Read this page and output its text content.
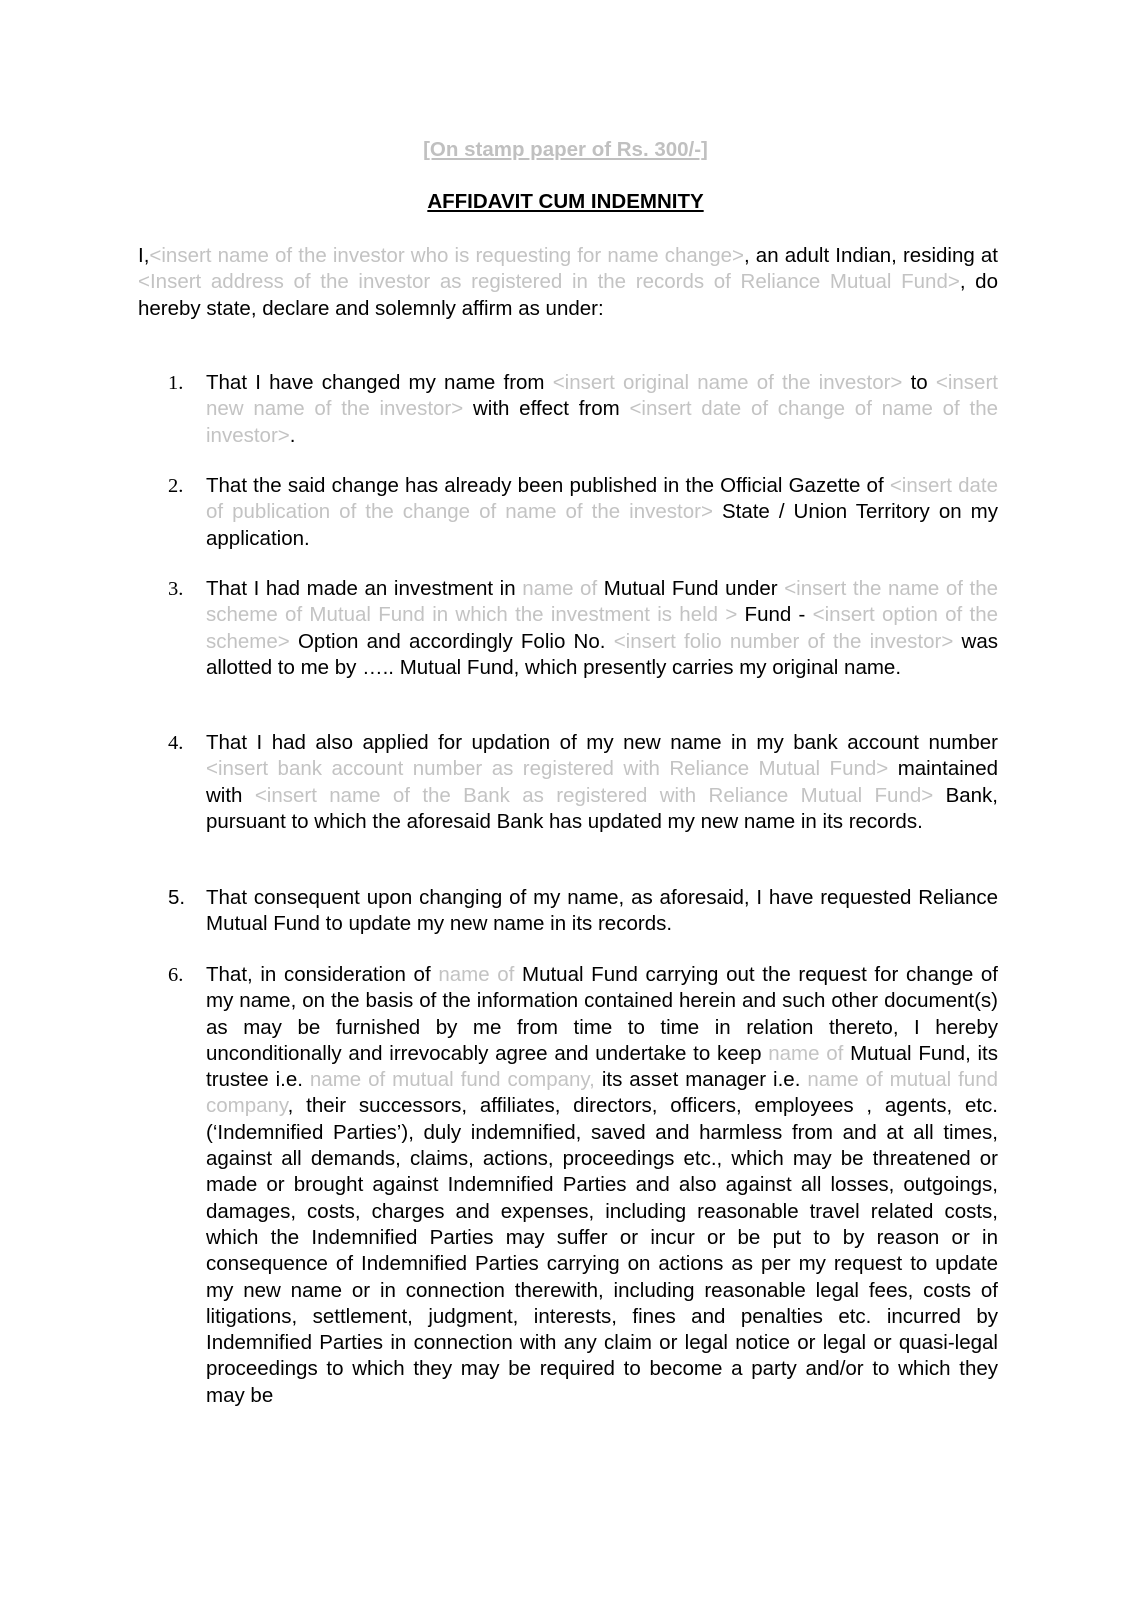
[On stamp paper of Rs. 300/-]
AFFIDAVIT CUM INDEMNITY

I,<insert name of the investor who is requesting for name change>, an adult Indian, residing at <Insert address of the investor as registered in the records of Reliance Mutual Fund>, do hereby state, declare and solemnly affirm as under:

1.	That I have changed my name from <insert original name of the investor> to <insert new name of the investor> with effect from <insert date of change of name of the investor>.

2.	That the said change has already been published in the Official Gazette of <insert date of publication of the change of name of the investor> State / Union Territory on my application.

3.	That I had made an investment in name of Mutual Fund under <insert the name of the scheme of Mutual Fund in which the investment is held > Fund - <insert option of the scheme> Option and accordingly Folio No. <insert folio number of the investor> was allotted to me by ….. Mutual Fund, which presently carries my original name.

4.	That I had also applied for updation of my new name in my bank account number <insert bank account number as registered with Reliance Mutual Fund> maintained with <insert name of the Bank as registered with Reliance Mutual Fund> Bank, pursuant to which the aforesaid Bank has updated my new name in its records.

5.	That consequent upon changing of my name, as aforesaid, I have requested Reliance Mutual Fund to update my new name in its records.

6.	That, in consideration of name of Mutual Fund carrying out the request for change of my name, on the basis of the information contained herein and such other document(s) as may be furnished by me from time to time in relation thereto, I hereby unconditionally and irrevocably agree and undertake to keep name of Mutual Fund, its trustee i.e. name of mutual fund company, its asset manager i.e. name of mutual fund company, their successors, affiliates, directors, officers, employees , agents, etc. (‘Indemnified Parties’), duly indemnified, saved and harmless from and at all times, against all demands, claims, actions, proceedings etc., which may be threatened or made or brought against Indemnified Parties and also against all losses, outgoings, damages, costs, charges and expenses, including reasonable travel related costs, which the Indemnified Parties may suffer or incur or be put to by reason or in consequence of Indemnified Parties carrying on actions as per my request to update my new name or in connection therewith, including reasonable legal fees, costs of litigations, settlement, judgment, interests, fines and penalties etc. incurred by Indemnified Parties in connection with any claim or legal notice or legal or quasi-legal proceedings to which they may be required to become a party and/or to which they may be
